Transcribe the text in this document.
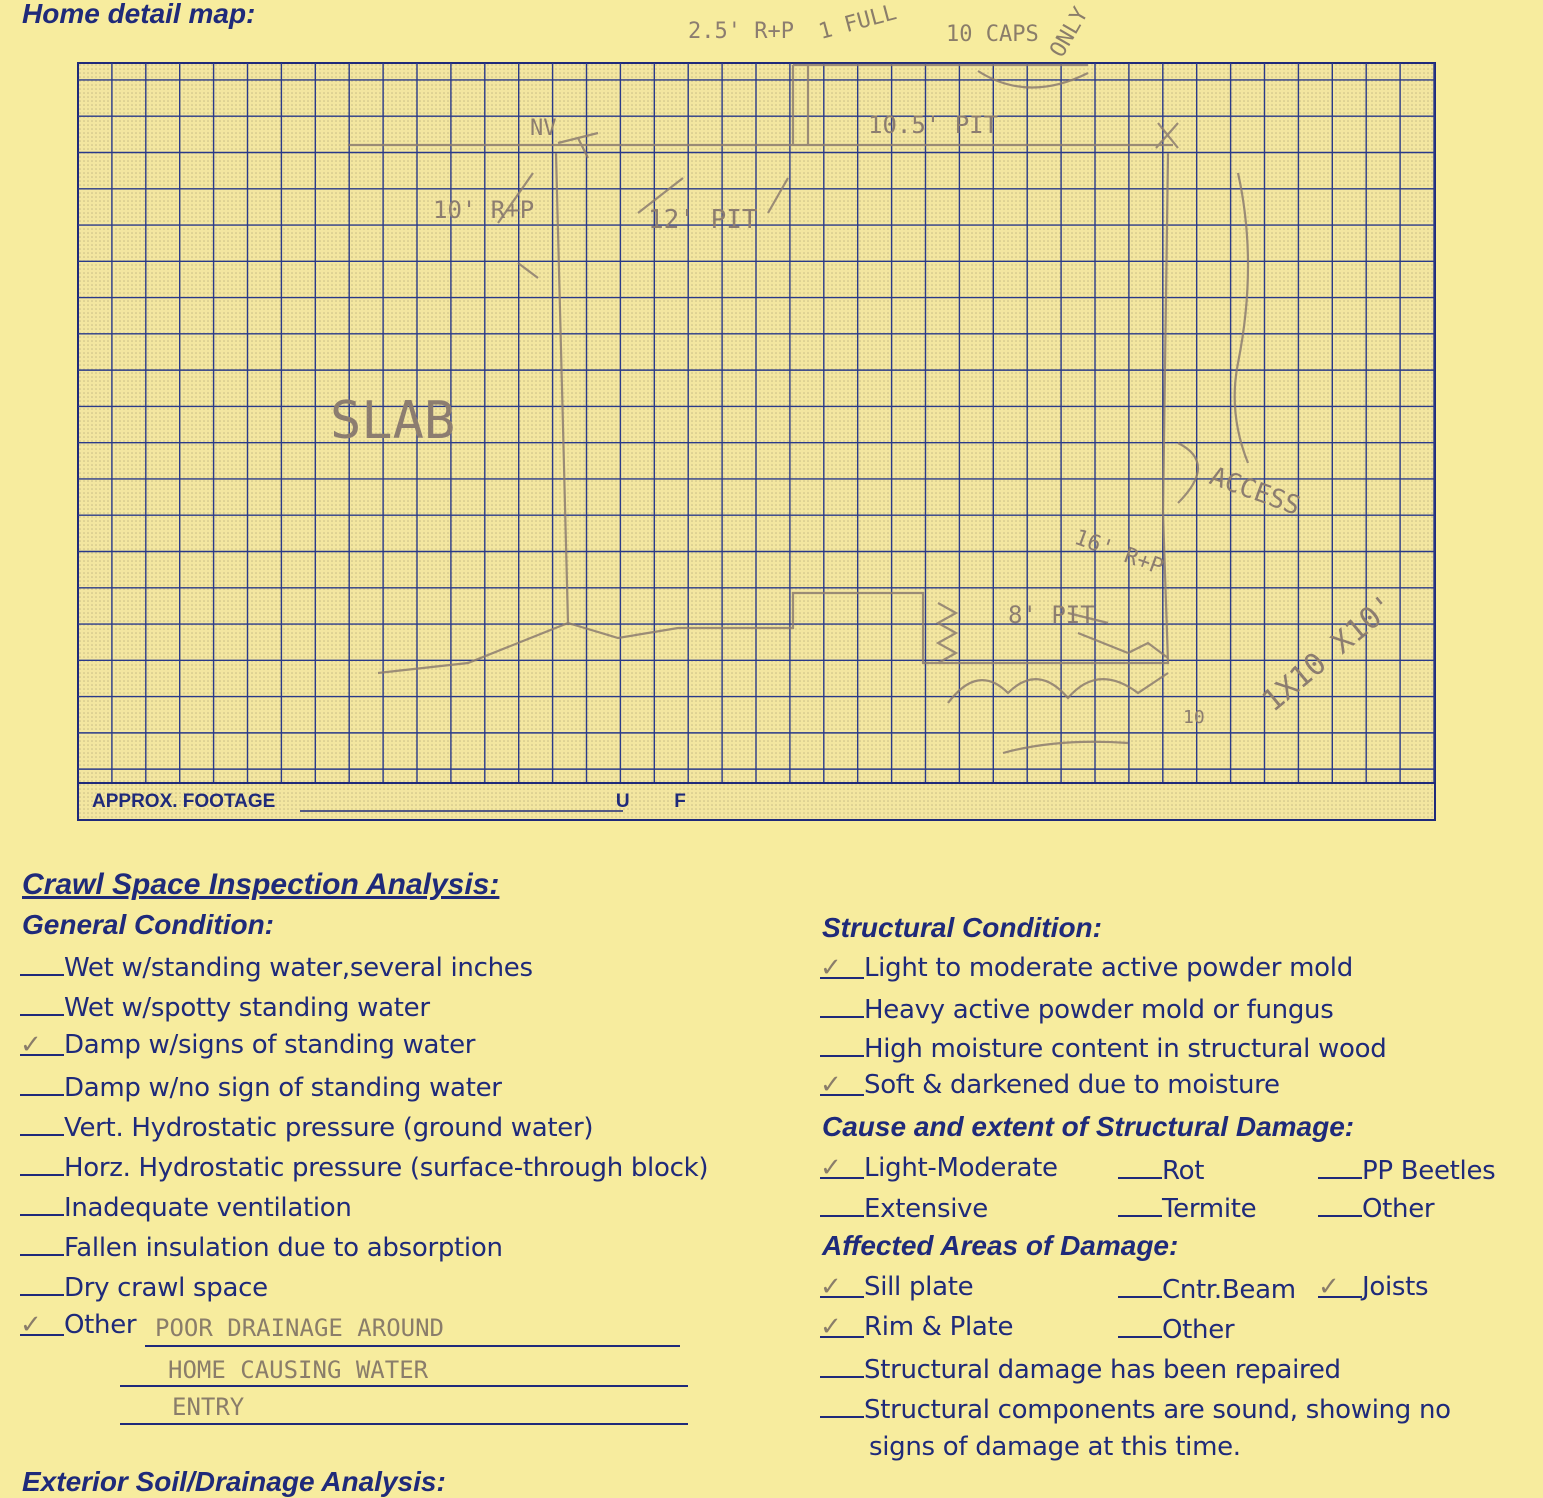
Home detail map:
SLAB
ACCESS
1X10 X10'
2.5' R+P
10' R+P	12' PIT
10.5' PIT
NV
16' R+P
8' PIT
10
APPROX. FOOTAGE	U F
1 FULL 10 CAPS ONLY
Crawl Space Inspection Analysis:
General Condition:
Wet w/standing water,several inches
Wet w/spotty standing water
✓ Damp w/signs of standing water
Damp w/no sign of standing water
Vert. Hydrostatic pressure (ground water)
Horz. Hydrostatic pressure (surface-through block)
Inadequate ventilation
Fallen insulation due to absorption
Dry crawl space
✓ Other POOR DRAINAGE AROUND
HOME CAUSING WATER
ENTRY
Structural Condition:
✓ Light to moderate active powder mold
Heavy active powder mold or fungus
High moisture content in structural wood
✓ Soft & darkened due to moisture
Cause and extent of Structural Damage:
✓ Light-Moderate	Rot	PP Beetles
Extensive	Termite	Other
Affected Areas of Damage:
✓ Sill plate	Cntr.Beam ✓ Joists
✓ Rim & Plate	Other
Structural damage has been repaired
Structural components are sound, showing no
signs of damage at this time.
Exterior Soil/Drainage Analysis:
